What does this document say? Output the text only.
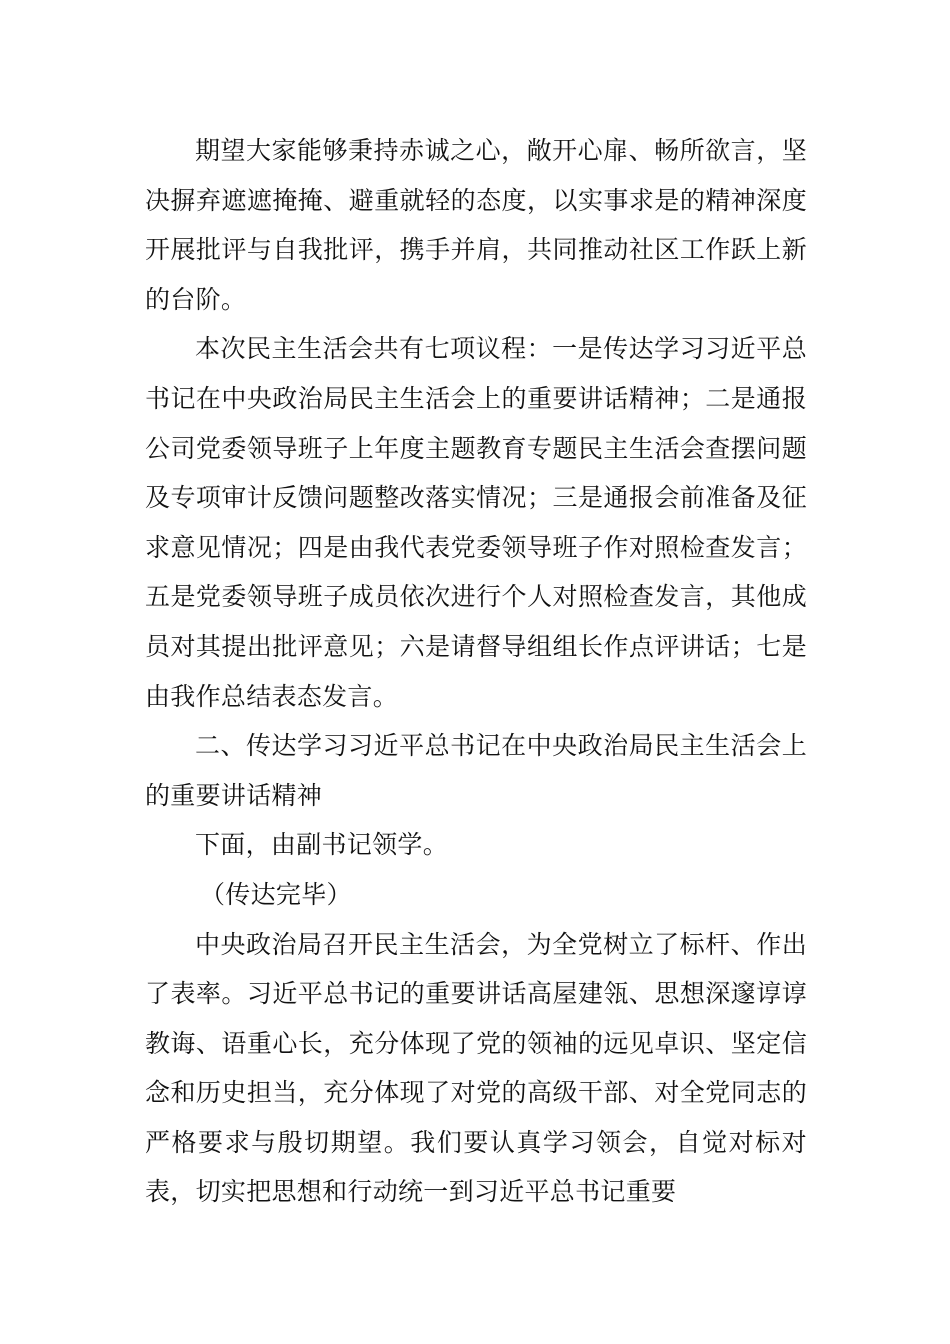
期望大家能够秉持赤诚之心，敞开心扉、畅所欲言，坚决摒弃遮遮掩掩、避重就轻的态度，以实事求是的精神深度开展批评与自我批评，携手并肩，共同推动社区工作跃上新的台阶。

本次民主生活会共有七项议程：一是传达学习习近平总书记在中央政治局民主生活会上的重要讲话精神；二是通报公司党委领导班子上年度主题教育专题民主生活会查摆问题及专项审计反馈问题整改落实情况；三是通报会前准备及征求意见情况；四是由我代表党委领导班子作对照检查发言；五是党委领导班子成员依次进行个人对照检查发言，其他成员对其提出批评意见；六是请督导组组长作点评讲话；七是由我作总结表态发言。

二、传达学习习近平总书记在中央政治局民主生活会上的重要讲话精神

下面，由副书记领学。

（传达完毕）

中央政治局召开民主生活会，为全党树立了标杆、作出了表率。习近平总书记的重要讲话高屋建瓴、思想深邃谆谆教诲、语重心长，充分体现了党的领袖的远见卓识、坚定信念和历史担当，充分体现了对党的高级干部、对全党同志的严格要求与殷切期望。我们要认真学习领会，自觉对标对表，切实把思想和行动统一到习近平总书记重要
